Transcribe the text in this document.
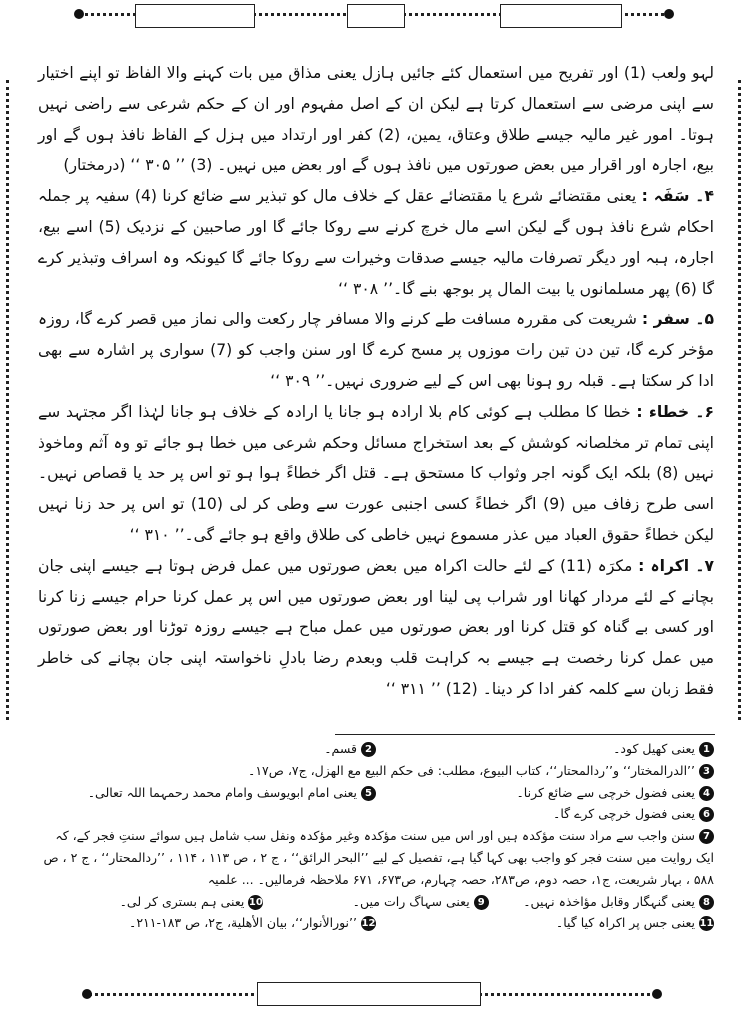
لہو ولعب (1) اور تفریح میں استعمال کئے جائیں ہازل یعنی مذاق میں بات کہنے والا الفاظ تو اپنے اختیار سے اپنی مرضی سے استعمال کرتا ہے لیکن ان کے اصل مفہوم اور ان کے حکم شرعی سے راضی نہیں ہوتا۔ امور غیر مالیہ جیسے طلاق وعتاق، یمین، (2) کفر اور ارتداد میں ہزل کے الفاظ نافذ ہوں گے اور بیع، اجارہ اور اقرار میں بعض صورتوں میں نافذ ہوں گے اور بعض میں نہیں۔ (3) ’’ ۳۰۵ ‘‘ (درمختار)

۴۔ سَفَہ : یعنی مقتضائے شرع یا مقتضائے عقل کے خلاف مال کو تبذیر سے ضائع کرنا (4) سفیہ پر جملہ احکام شرع نافذ ہوں گے لیکن اسے مال خرچ کرنے سے روکا جائے گا اور صاحبین کے نزدیک (5) اسے بیع، اجارہ، ہبہ اور دیگر تصرفات مالیہ جیسے صدقات وخیرات سے روکا جائے گا کیونکہ وہ اسراف وتبذیر کرے گا (6) پھر مسلمانوں یا بیت المال پر بوجھ بنے گا۔’’ ۳۰۸ ‘‘

۵۔ سفر : شریعت کی مقررہ مسافت طے کرنے والا مسافر چار رکعت والی نماز میں قصر کرے گا، روزہ مؤخر کرے گا، تین دن تین رات موزوں پر مسح کرے گا اور سنن واجب کو (7) سواری پر اشارہ سے بھی ادا کر سکتا ہے۔ قبلہ رو ہونا بھی اس کے لیے ضروری نہیں۔’’ ۳۰۹ ‘‘

۶۔ خطاء : خطا کا مطلب ہے کوئی کام بلا ارادہ ہو جانا یا ارادہ کے خلاف ہو جانا لہٰذا اگر مجتہد سے اپنی تمام تر مخلصانہ کوشش کے بعد استخراج مسائل وحکم شرعی میں خطا ہو جائے تو وہ آثم وماخوذ نہیں (8) بلکہ ایک گونہ اجر وثواب کا مستحق ہے۔ قتل اگر خطاءً ہوا ہو تو اس پر حد یا قصاص نہیں۔ اسی طرح زفاف میں (9) اگر خطاءً کسی اجنبی عورت سے وطی کر لی (10) تو اس پر حد زنا نہیں لیکن خطاءً حقوق العباد میں عذر مسموع نہیں خاطی کی طلاق واقع ہو جائے گی۔’’ ۳۱۰ ‘‘

۷۔ اکراہ : مکرَہ (11) کے لئے حالت اکراہ میں بعض صورتوں میں عمل فرض ہوتا ہے جیسے اپنی جان بچانے کے لئے مردار کھانا اور شراب پی لینا اور بعض صورتوں میں اس پر عمل کرنا حرام جیسے زنا کرنا اور کسی بے گناہ کو قتل کرنا اور بعض صورتوں میں عمل مباح ہے جیسے روزہ توڑنا اور بعض صورتوں میں عمل کرنا رخصت ہے جیسے بہ کراہت قلب وبعدم رضا بادلِ ناخواستہ اپنی جان بچانے کی خاطر فقط زبان سے کلمہ کفر ادا کر دینا۔ (12) ’’ ۳۱۱ ‘‘

1یعنی کھیل کود۔
2قسم۔
3’’الدرالمختار‘‘ و’’ردالمحتار‘‘، کتاب البیوع، مطلب: فی حکم البیع مع الهزل، ج۷، ص۱۷۔
4یعنی فضول خرچی سے ضائع کرنا۔
5یعنی امام ابویوسف وامام محمد رحمہما اللہ تعالی۔
6یعنی فضول خرچی کرے گا۔
7سنن واجب سے مراد سنت مؤکدہ ہیں اور اس میں سنت مؤکدہ وغیر مؤکدہ ونفل سب شامل ہیں سوائے سنتِ فجر کے، کہ ایک روایت میں سنت فجر کو واجب بھی کہا گیا ہے، تفصیل کے لیے ’’البحر الرائق‘‘ ، ج ۲ ، ص ۱۱۳ ، ۱۱۴ ، ’’ردالمحتار‘‘ ، ج ۲ ، ص ۵۸۸ ، بہار شریعت، ج۱، حصہ دوم، ص۲۸۳، حصہ چہارم، ص۶۷۳، ۶۷۱ ملاحظہ فرمالیں۔ ... علمیہ
8یعنی گنہگار وقابل مؤاخذہ نہیں۔
9یعنی سہاگ رات میں۔
10یعنی ہم بستری کر لی۔
11یعنی جس پر اکراہ کیا گیا۔
12’’نورالأنوار‘‘، بیان الأهلیة، ج۲، ص ۱۸۳-۲۱۱۔
